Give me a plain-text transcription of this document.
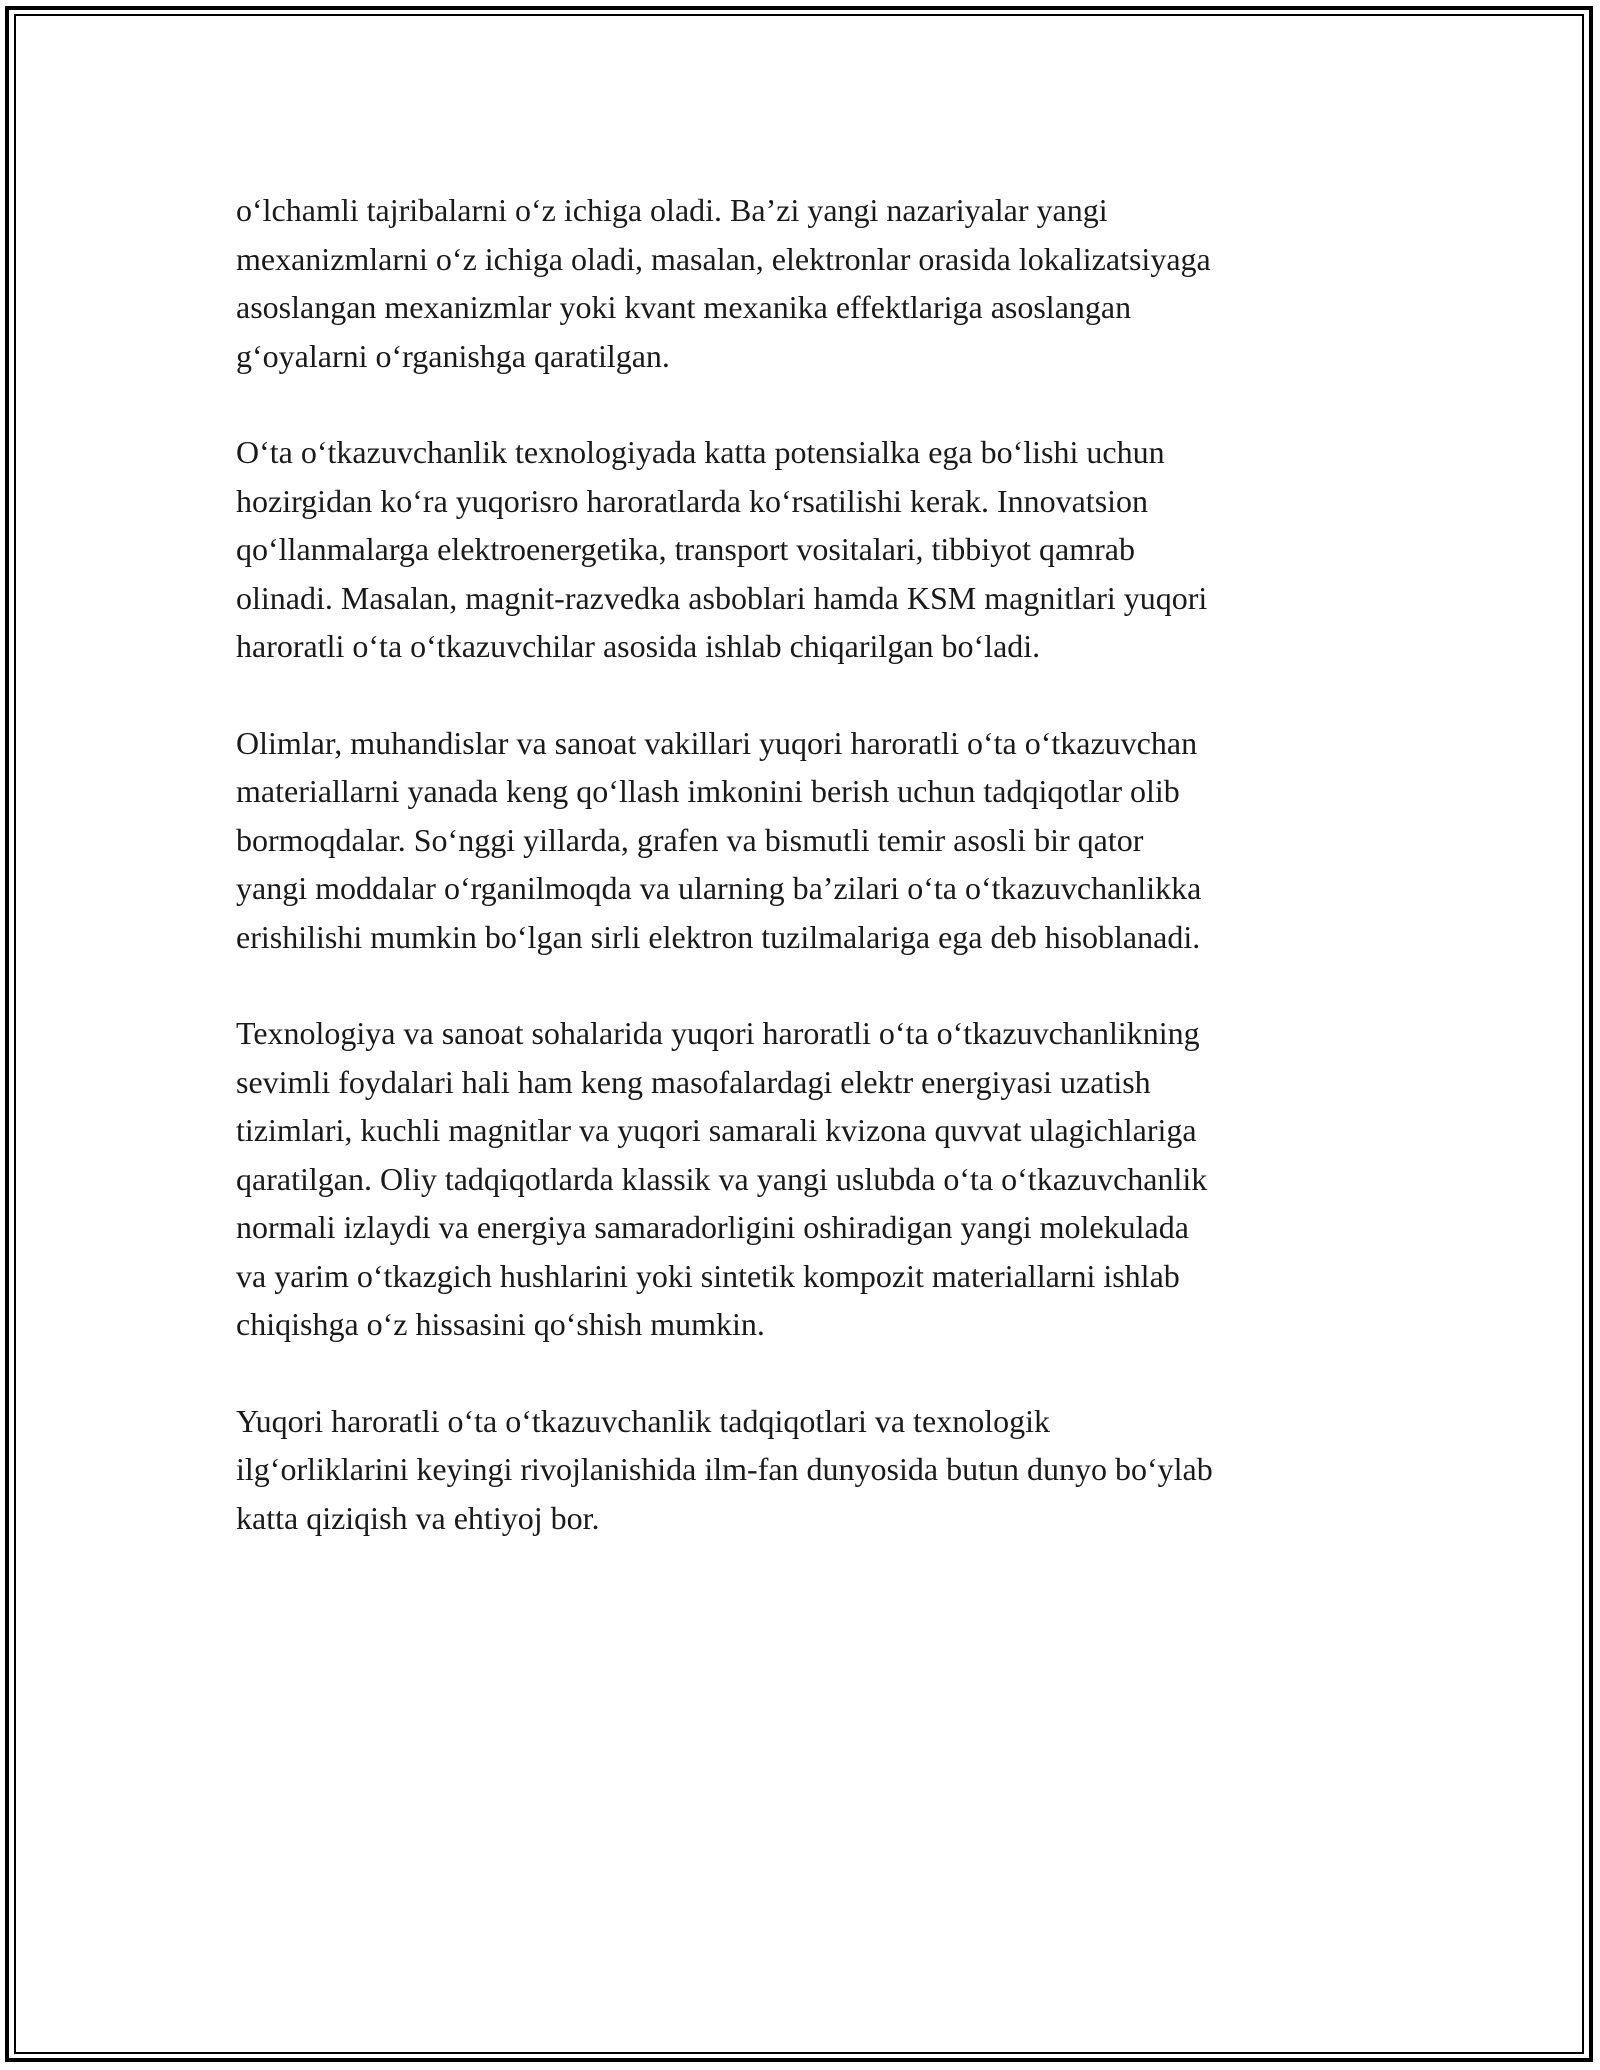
o‘lchamli tajribalarni o‘z ichiga oladi. Ba’zi yangi nazariyalar yangi
mexanizmlarni o‘z ichiga oladi, masalan, elektronlar orasida lokalizatsiyaga
asoslangan mexanizmlar yoki kvant mexanika effektlariga asoslangan
g‘oyalarni o‘rganishga qaratilgan.

O‘ta o‘tkazuvchanlik texnologiyada katta potensialka ega bo‘lishi uchun
hozirgidan ko‘ra yuqorisro haroratlarda ko‘rsatilishi kerak. Innovatsion
qo‘llanmalarga elektroenergetika, transport vositalari, tibbiyot qamrab
olinadi. Masalan, magnit-razvedka asboblari hamda KSM magnitlari yuqori
haroratli o‘ta o‘tkazuvchilar asosida ishlab chiqarilgan bo‘ladi.

Olimlar, muhandislar va sanoat vakillari yuqori haroratli o‘ta o‘tkazuvchan
materiallarni yanada keng qo‘llash imkonini berish uchun tadqiqotlar olib
bormoqdalar. So‘nggi yillarda, grafen va bismutli temir asosli bir qator
yangi moddalar o‘rganilmoqda va ularning ba’zilari o‘ta o‘tkazuvchanlikka
erishilishi mumkin bo‘lgan sirli elektron tuzilmalariga ega deb hisoblanadi.

Texnologiya va sanoat sohalarida yuqori haroratli o‘ta o‘tkazuvchanlikning
sevimli foydalari hali ham keng masofalardagi elektr energiyasi uzatish
tizimlari, kuchli magnitlar va yuqori samarali kvizona quvvat ulagichlariga
qaratilgan. Oliy tadqiqotlarda klassik va yangi uslubda o‘ta o‘tkazuvchanlik
normali izlaydi va energiya samaradorligini oshiradigan yangi molekulada
va yarim o‘tkazgich hushlarini yoki sintetik kompozit materiallarni ishlab
chiqishga o‘z hissasini qo‘shish mumkin.

Yuqori haroratli o‘ta o‘tkazuvchanlik tadqiqotlari va texnologik
ilg‘orliklarini keyingi rivojlanishida ilm-fan dunyosida butun dunyo bo‘ylab
katta qiziqish va ehtiyoj bor.
